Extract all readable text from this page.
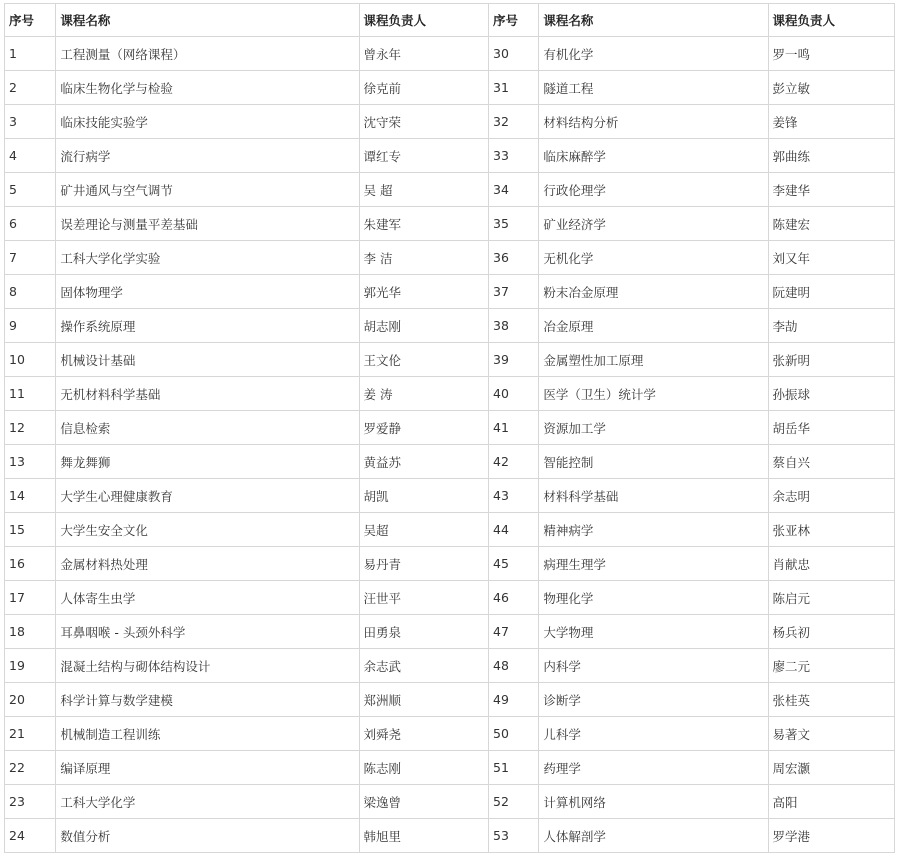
序号	课程名称	课程负责人	序号	课程名称	课程负责人
1	工程测量（网络课程）	曾永年	30	有机化学	罗一鸣
2	临床生物化学与检验	徐克前	31	隧道工程	彭立敏
3	临床技能实验学	沈守荣	32	材料结构分析	姜锋
4	流行病学	谭红专	33	临床麻醉学	郭曲练
5	矿井通风与空气调节	吴 超	34	行政伦理学	李建华
6	误差理论与测量平差基础	朱建军	35	矿业经济学	陈建宏
7	工科大学化学实验	李 洁	36	无机化学	刘又年
8	固体物理学	郭光华	37	粉末冶金原理	阮建明
9	操作系统原理	胡志刚	38	冶金原理	李劼
10	机械设计基础	王文伦	39	金属塑性加工原理	张新明
11	无机材料科学基础	姜 涛	40	医学（卫生）统计学	孙振球
12	信息检索	罗爱静	41	资源加工学	胡岳华
13	舞龙舞狮	黄益苏	42	智能控制	蔡自兴
14	大学生心理健康教育	胡凯	43	材料科学基础	余志明
15	大学生安全文化	吴超	44	精神病学	张亚林
16	金属材料热处理	易丹青	45	病理生理学	肖献忠
17	人体寄生虫学	汪世平	46	物理化学	陈启元
18	耳鼻咽喉 - 头颈外科学	田勇泉	47	大学物理	杨兵初
19	混凝土结构与砌体结构设计	余志武	48	内科学	廖二元
20	科学计算与数学建模	郑洲顺	49	诊断学	张桂英
21	机械制造工程训练	刘舜尧	50	儿科学	易著文
22	编译原理	陈志刚	51	药理学	周宏灏
23	工科大学化学	梁逸曾	52	计算机网络	高阳
24	数值分析	韩旭里	53	人体解剖学	罗学港
